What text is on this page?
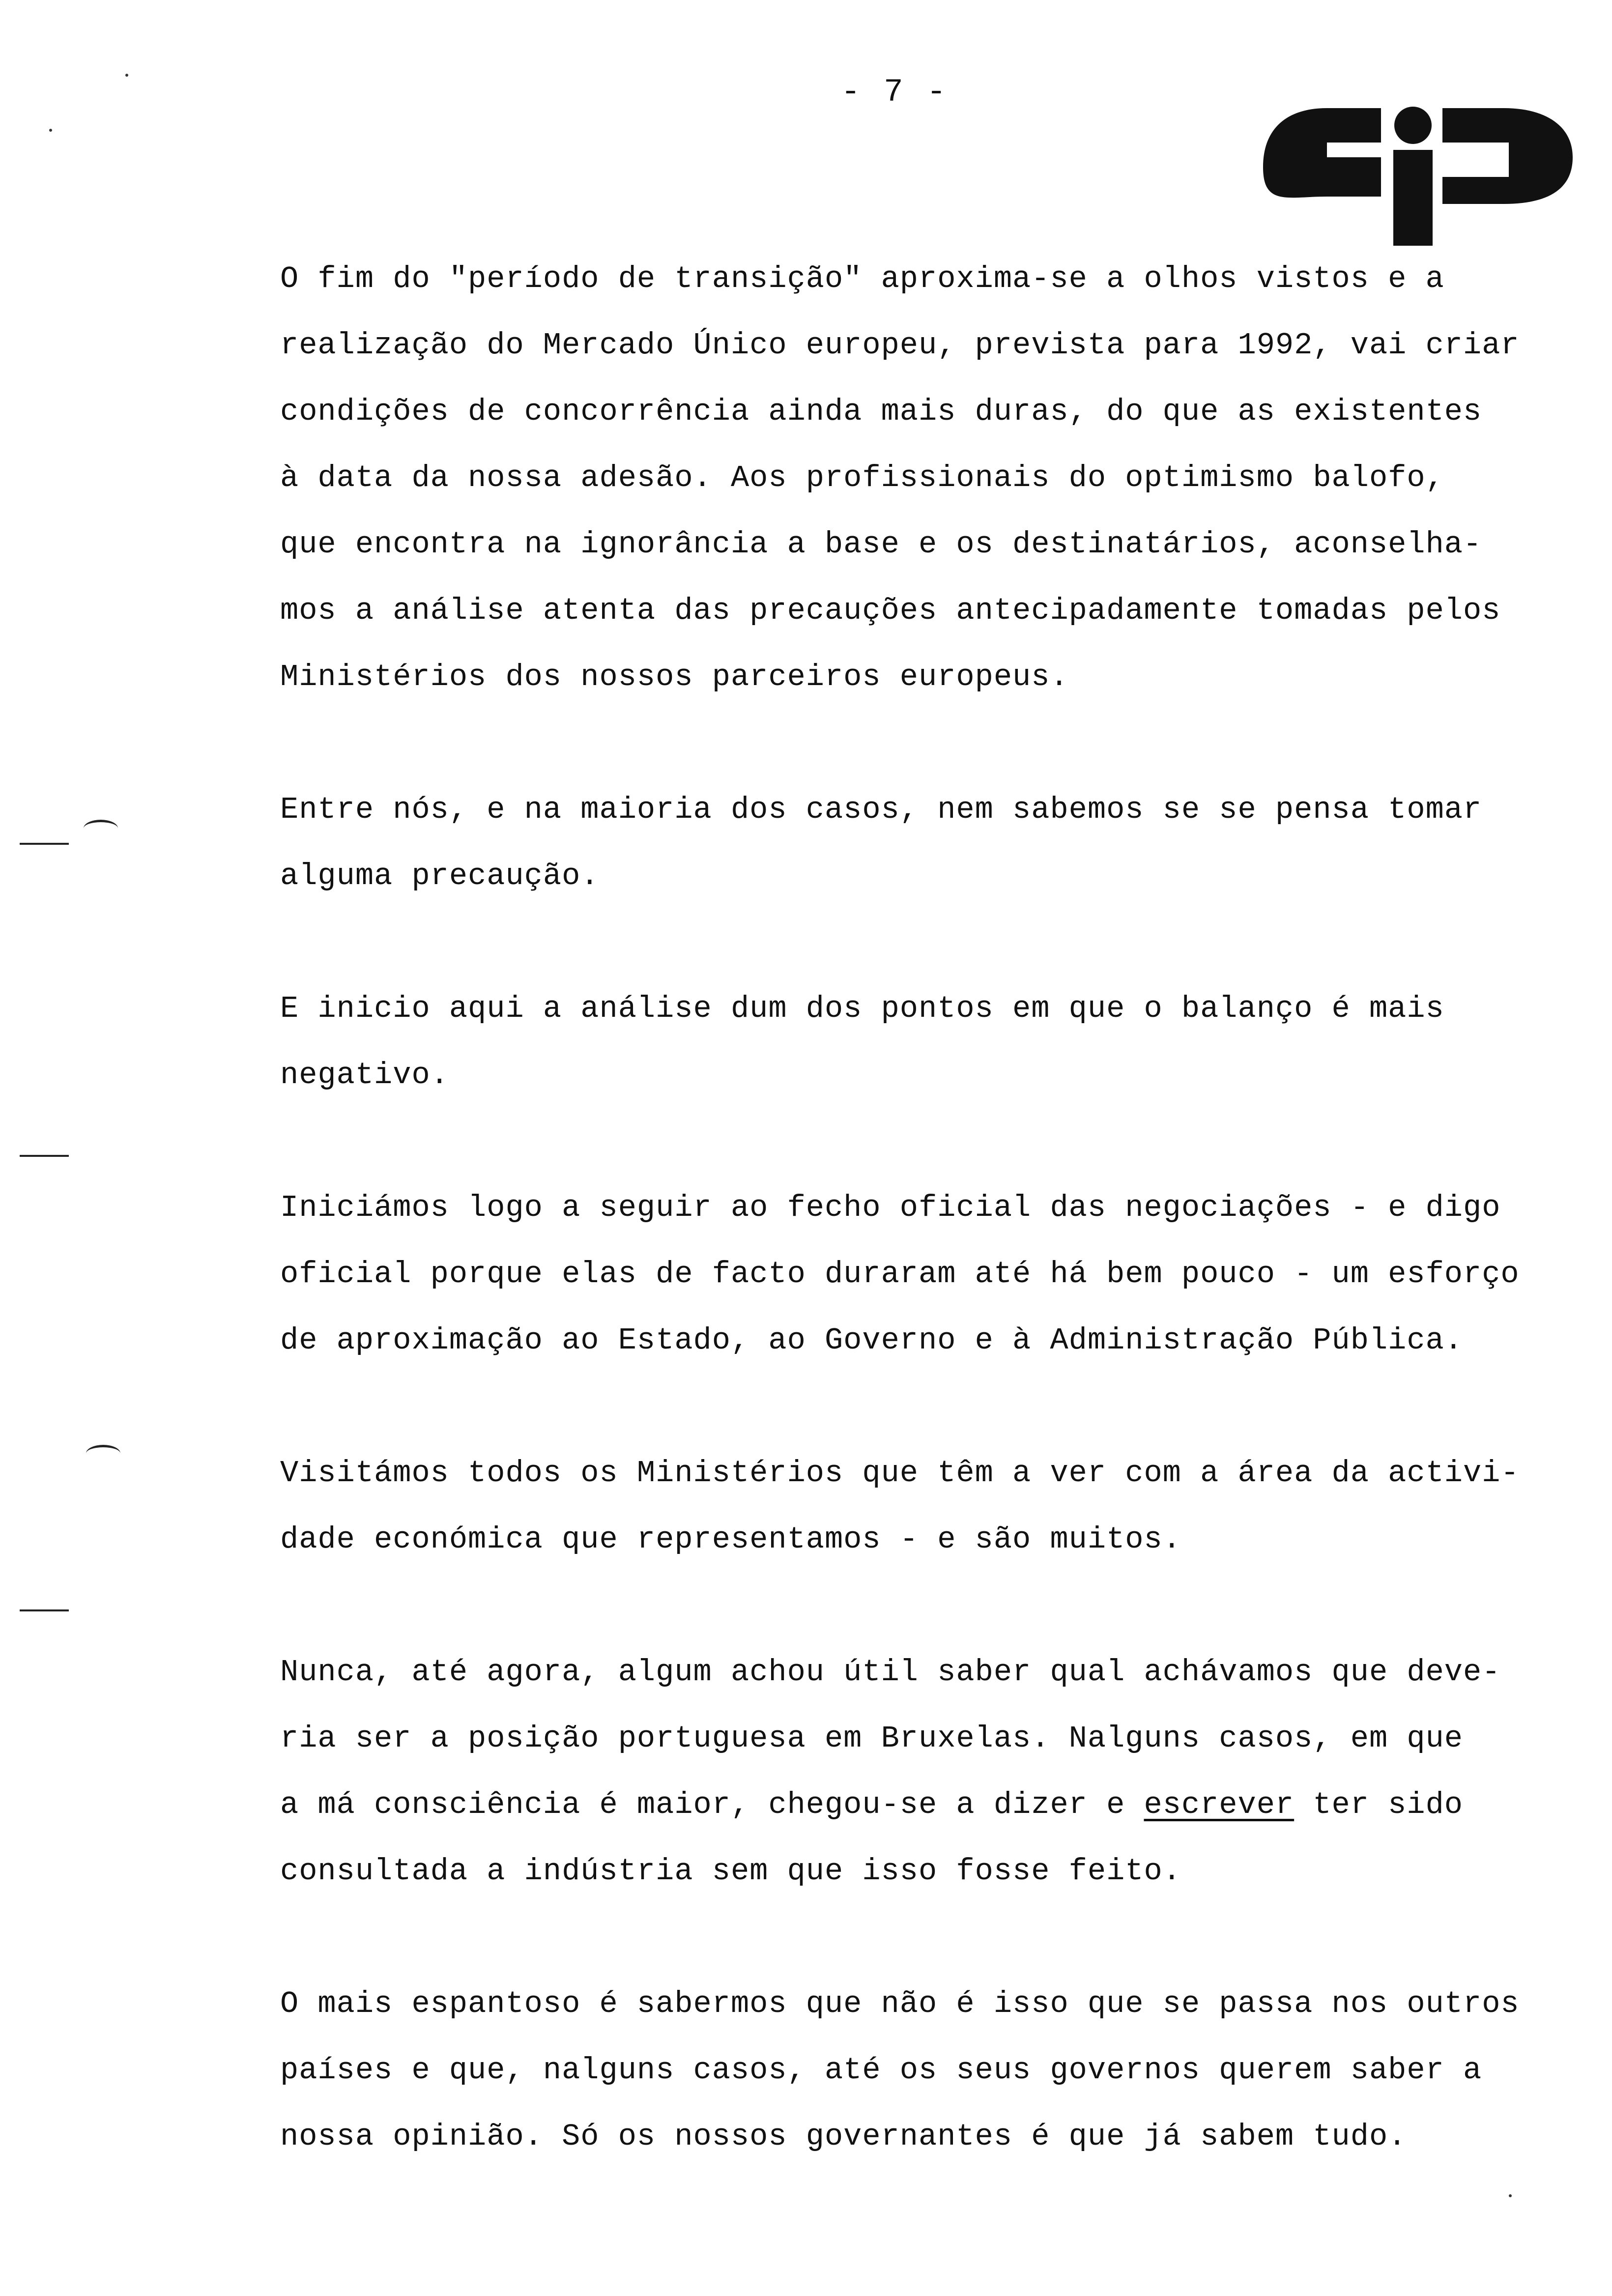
- 7 -

O fim do "período de transição" aproxima-se a olhos vistos e a
realização do Mercado Único europeu, prevista para 1992, vai criar
condições de concorrência ainda mais duras, do que as existentes
à data da nossa adesão. Aos profissionais do optimismo balofo,
que encontra na ignorância a base e os destinatários, aconselha-
mos a análise atenta das precauções antecipadamente tomadas pelos
Ministérios dos nossos parceiros europeus.

Entre nós, e na maioria dos casos, nem sabemos se se pensa tomar
alguma precaução.

E inicio aqui a análise dum dos pontos em que o balanço é mais
negativo.

Iniciámos logo a seguir ao fecho oficial das negociações - e digo
oficial porque elas de facto duraram até há bem pouco - um esforço
de aproximação ao Estado, ao Governo e à Administração Pública.

Visitámos todos os Ministérios que têm a ver com a área da activi-
dade económica que representamos - e são muitos.

Nunca, até agora, algum achou útil saber qual achávamos que deve-
ria ser a posição portuguesa em Bruxelas. Nalguns casos, em que
a má consciência é maior, chegou-se a dizer e escrever ter sido
consultada a indústria sem que isso fosse feito.

O mais espantoso é sabermos que não é isso que se passa nos outros
países e que, nalguns casos, até os seus governos querem saber a
nossa opinião. Só os nossos governantes é que já sabem tudo.
